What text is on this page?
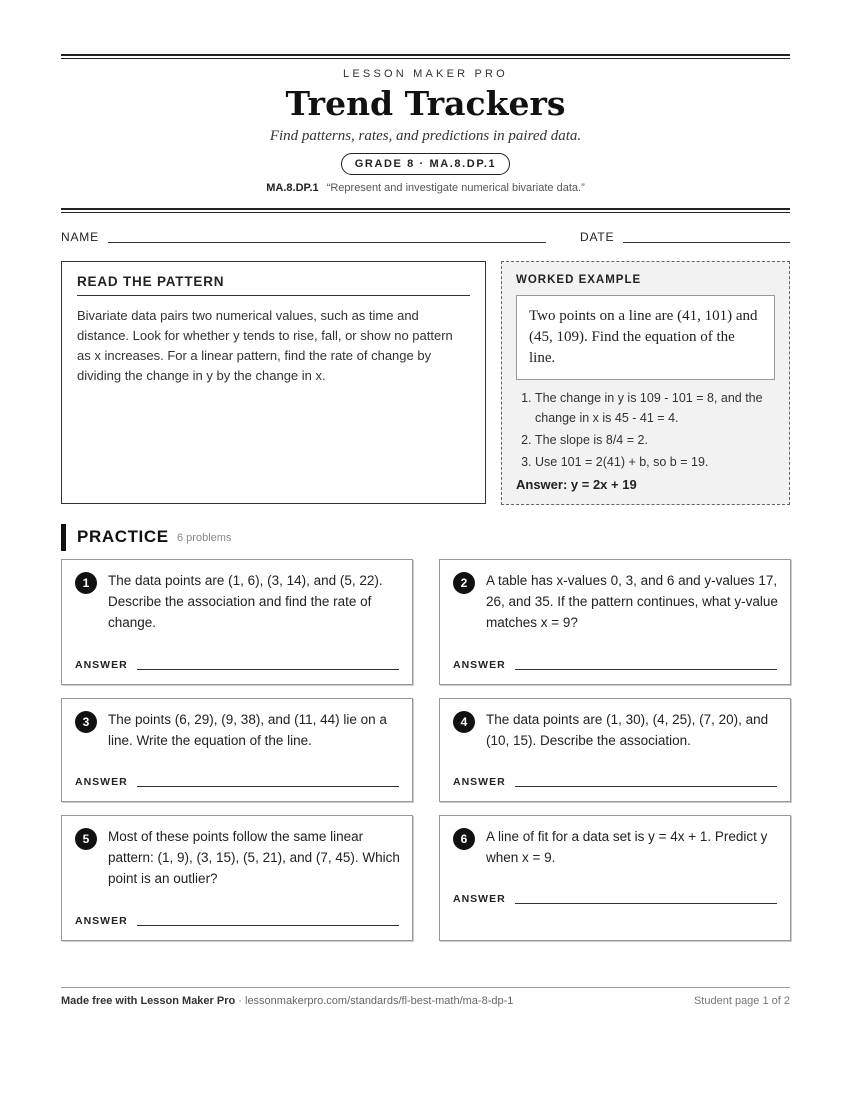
LESSON MAKER PRO
Trend Trackers
Find patterns, rates, and predictions in paired data.
GRADE 8 · MA.8.DP.1
MA.8.DP.1 “Represent and investigate numerical bivariate data.”
NAME	DATE
READ THE PATTERN
Bivariate data pairs two numerical values, such as time and distance. Look for whether y tends to rise, fall, or show no pattern as x increases. For a linear pattern, find the rate of change by dividing the change in y by the change in x.
WORKED EXAMPLE
Two points on a line are (41, 101) and (45, 109). Find the equation of the line.
1. The change in y is 109 - 101 = 8, and the change in x is 45 - 41 = 4.
2. The slope is 8/4 = 2.
3. Use 101 = 2(41) + b, so b = 19.
Answer: y = 2x + 19
PRACTICE 6 problems
1	The data points are (1, 6), (3, 14), and (5, 22). Describe the association and find the rate of change.
ANSWER
2	A table has x-values 0, 3, and 6 and y-values 17, 26, and 35. If the pattern continues, what y-value matches x = 9?
ANSWER
3	The points (6, 29), (9, 38), and (11, 44) lie on a line. Write the equation of the line.
ANSWER
4	The data points are (1, 30), (4, 25), (7, 20), and (10, 15). Describe the association.
ANSWER
5	Most of these points follow the same linear pattern: (1, 9), (3, 15), (5, 21), and (7, 45). Which point is an outlier?
ANSWER
6	A line of fit for a data set is y = 4x + 1. Predict y when x = 9.
ANSWER
Made free with Lesson Maker Pro · lessonmakerpro.com/standards/fl-best-math/ma-8-dp-1	Student page 1 of 2
